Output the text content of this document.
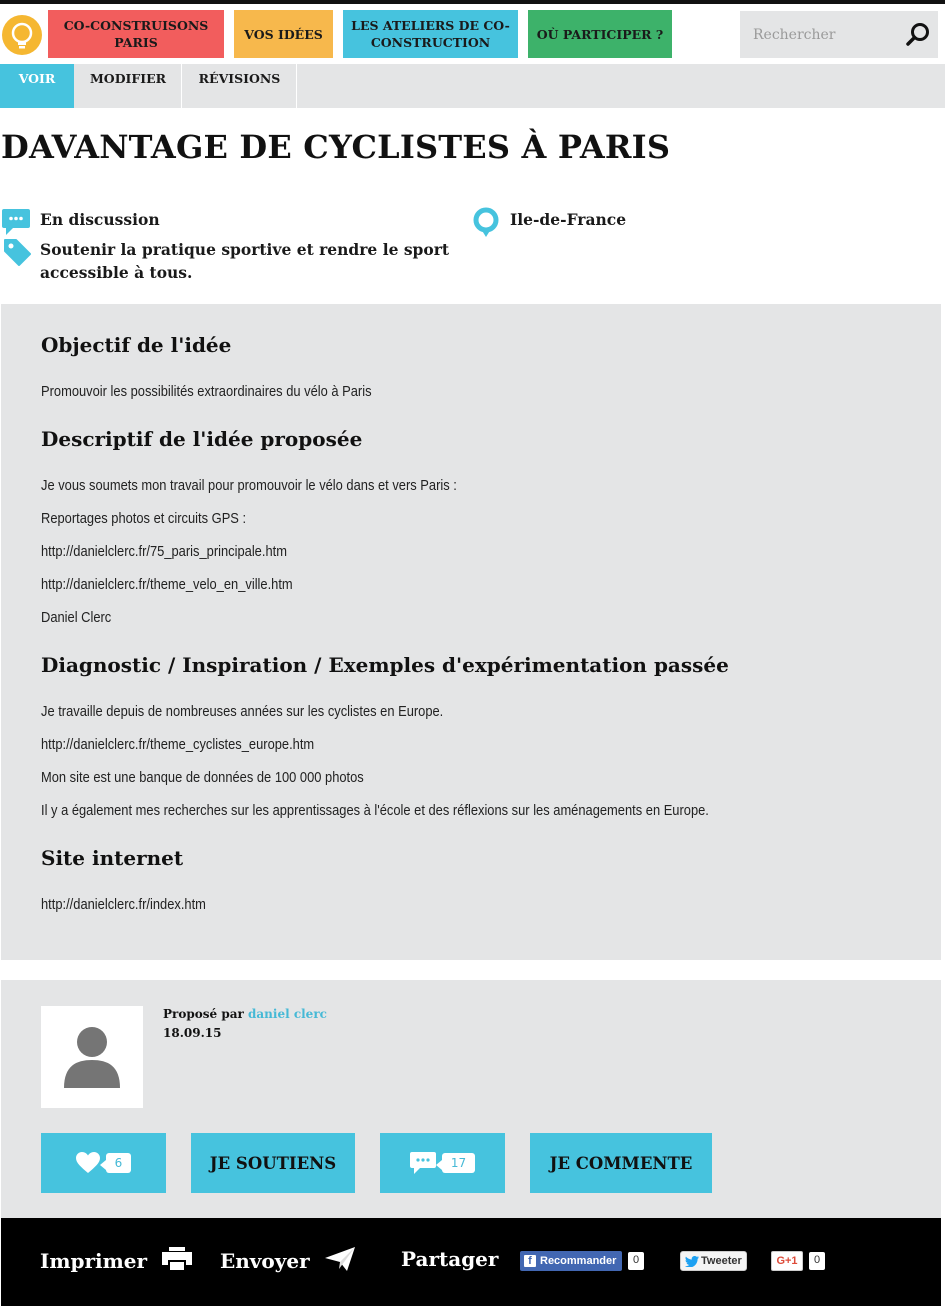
CO-CONSTRUISONS PARIS
VOS IDÉES
LES ATELIERS DE CO-CONSTRUCTION
OÙ PARTICIPER ?
Rechercher
VOIR	MODIFIER	RÉVISIONS
DAVANTAGE DE CYCLISTES À PARIS
En discussion
Soutenir la pratique sportive et rendre le sport accessible à tous.
Ile-de-France
Objectif de l'idée
Promouvoir les possibilités extraordinaires du vélo à Paris
Descriptif de l'idée proposée
Je vous soumets mon travail pour promouvoir le vélo dans et vers Paris :
Reportages photos et circuits GPS :
http://danielclerc.fr/75_paris_principale.htm
http://danielclerc.fr/theme_velo_en_ville.htm
Daniel Clerc
Diagnostic / Inspiration / Exemples d'expérimentation passée
Je travaille depuis de nombreuses années sur les cyclistes en Europe.
http://danielclerc.fr/theme_cyclistes_europe.htm
Mon site est une banque de données de 100 000 photos
Il y a également mes recherches sur les apprentissages à l'école et des réflexions sur les aménagements en Europe.
Site internet
http://danielclerc.fr/index.htm
Proposé par daniel clerc
18.09.15
6	JE SOUTIENS	17	JE COMMENTE
Imprimer	Envoyer	Partager	f Recommander	0	Tweeter	G+1	0
